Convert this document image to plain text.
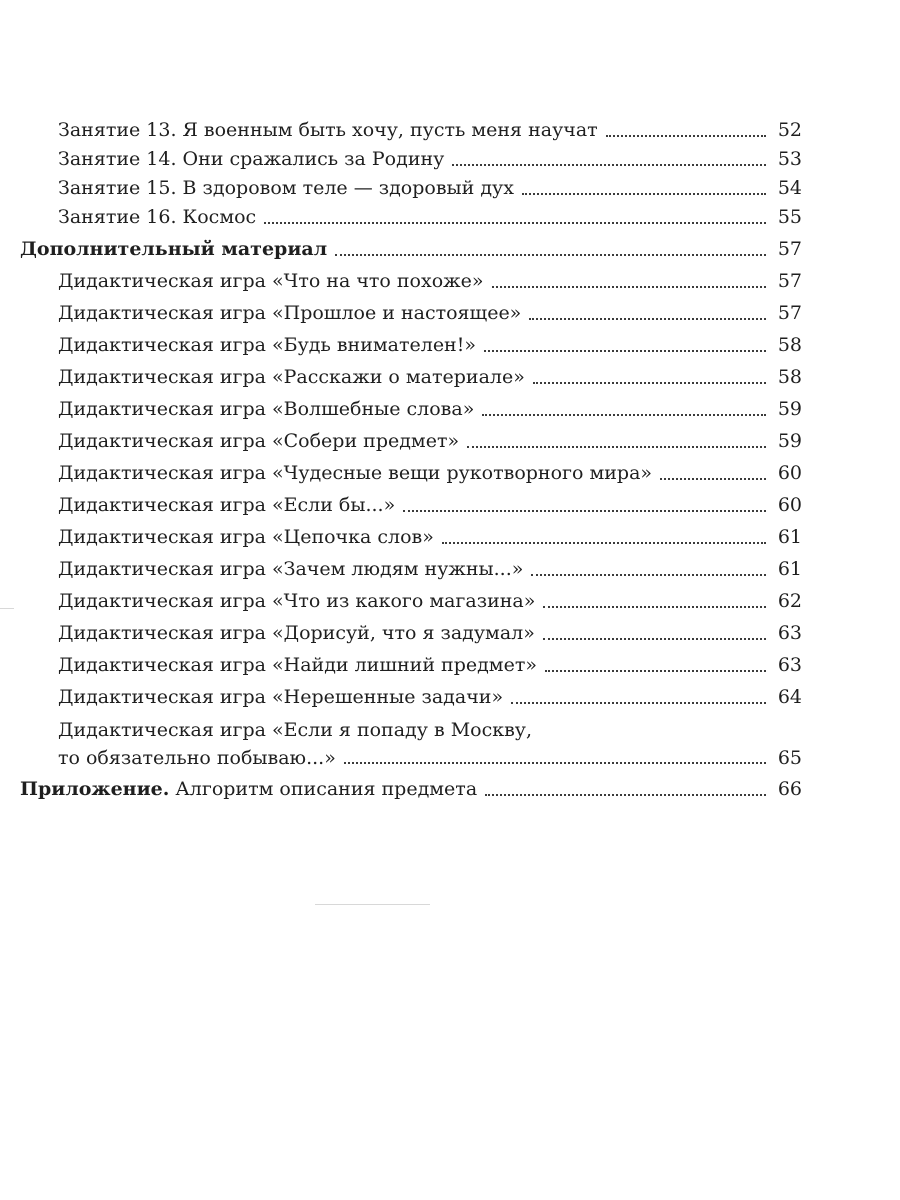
Занятие 13. Я военным быть хочу, пусть меня научат	52
Занятие 14. Они сражались за Родину	53
Занятие 15. В здоровом теле — здоровый дух	54
Занятие 16. Космос	55
Дополнительный материал	57
Дидактическая игра «Что на что похоже»	57
Дидактическая игра «Прошлое и настоящее»	57
Дидактическая игра «Будь внимателен!»	58
Дидактическая игра «Расскажи о материале»	58
Дидактическая игра «Волшебные слова»	59
Дидактическая игра «Собери предмет»	59
Дидактическая игра «Чудесные вещи рукотворного мира»	60
Дидактическая игра «Если бы...»	60
Дидактическая игра «Цепочка слов»	61
Дидактическая игра «Зачем людям нужны...»	61
Дидактическая игра «Что из какого магазина»	62
Дидактическая игра «Дорисуй, что я задумал»	63
Дидактическая игра «Найди лишний предмет»	63
Дидактическая игра «Нерешенные задачи»	64
Дидактическая игра «Если я попаду в Москву,
то обязательно побываю...»	65
Приложение. Алгоритм описания предмета	66
